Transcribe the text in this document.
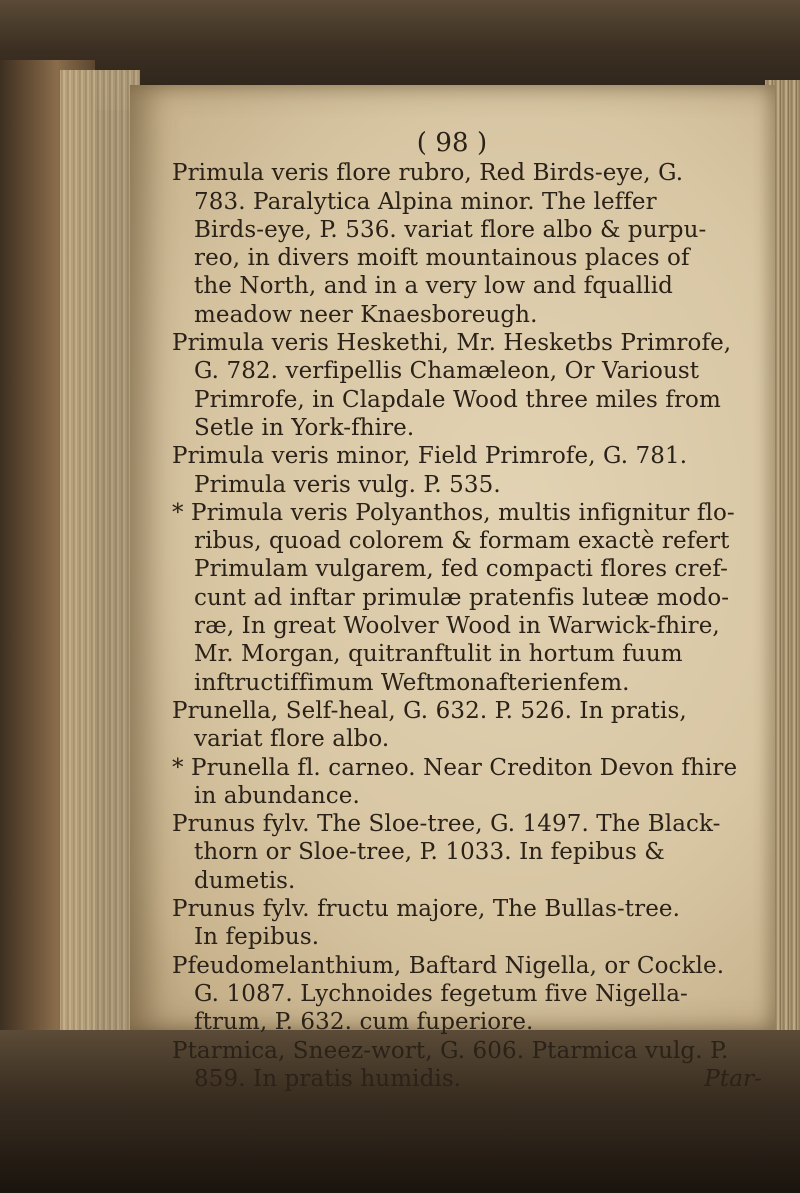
( 98 )
Primula veris flore rubro, Red Birds-eye, G.
783. Paralytica Alpina minor. The leffer
Birds-eye, P. 536. variat flore albo & purpu-
reo, in divers moift mountainous places of
the North, and in a very low and fquallid
meadow neer Knaesboreugh.
Primula veris Heskethi, Mr. Hesketbs Primrofe,
G. 782. verfipellis Chamæleon, Or Varioust
Primrofe, in Clapdale Wood three miles from
Setle in York-fhire.
Primula veris minor, Field Primrofe, G. 781.
Primula veris vulg. P. 535.
* Primula veris Polyanthos, multis infignitur flo-
ribus, quoad colorem & formam exactè refert
Primulam vulgarem, fed compacti flores cref-
cunt ad inftar primulæ pratenfis luteæ modo-
ræ, In great Woolver Wood in Warwick-fhire,
Mr. Morgan, quitranftulit in hortum fuum
inftructiffimum Weftmonafterienfem.
Prunella, Self-heal, G. 632. P. 526. In pratis,
variat flore albo.
* Prunella fl. carneo. Near Crediton Devon fhire
in abundance.
Prunus fylv. The Sloe-tree, G. 1497. The Black-
thorn or Sloe-tree, P. 1033. In fepibus &
dumetis.
Prunus fylv. fructu majore, The Bullas-tree.
In fepibus.
Pfeudomelanthium, Baftard Nigella, or Cockle.
G. 1087. Lychnoides fegetum five Nigella-
ftrum, P. 632. cum fuperiore.
Ptarmica, Sneez-wort, G. 606. Ptarmica vulg. P.
859. In pratis humidis.	Ptar-
